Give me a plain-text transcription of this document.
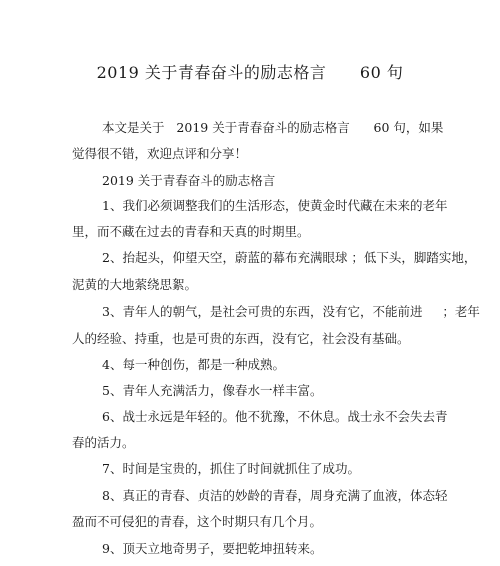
2019 关于青春奋斗的励志格言      60 句
本文是关于   2019 关于青春奋斗的励志格言      60 句，如果
觉得很不错，欢迎点评和分享！
2019 关于青春奋斗的励志格言
1、我们必须调整我们的生活形态，使黄金时代藏在未来的老年
里，而不藏在过去的青春和天真的时期里。
2、抬起头，仰望天空，蔚蓝的幕布充满眼球 ；低下头，脚踏实地，
泥黄的大地萦绕思絮。
3、青年人的朝气，是社会可贵的东西，没有它，不能前进     ；老年
人的经验、持重，也是可贵的东西，没有它，社会没有基础。
4、每一种创伤，都是一种成熟。
5、青年人充满活力，像春水一样丰富。
6、战士永远是年轻的。他不犹豫，不休息。战士永不会失去青
春的活力。
7、时间是宝贵的，抓住了时间就抓住了成功。
8、真正的青春、贞洁的妙龄的青春，周身充满了血液，体态轻
盈而不可侵犯的青春，这个时期只有几个月。
9、顶天立地奇男子，要把乾坤扭转来。
